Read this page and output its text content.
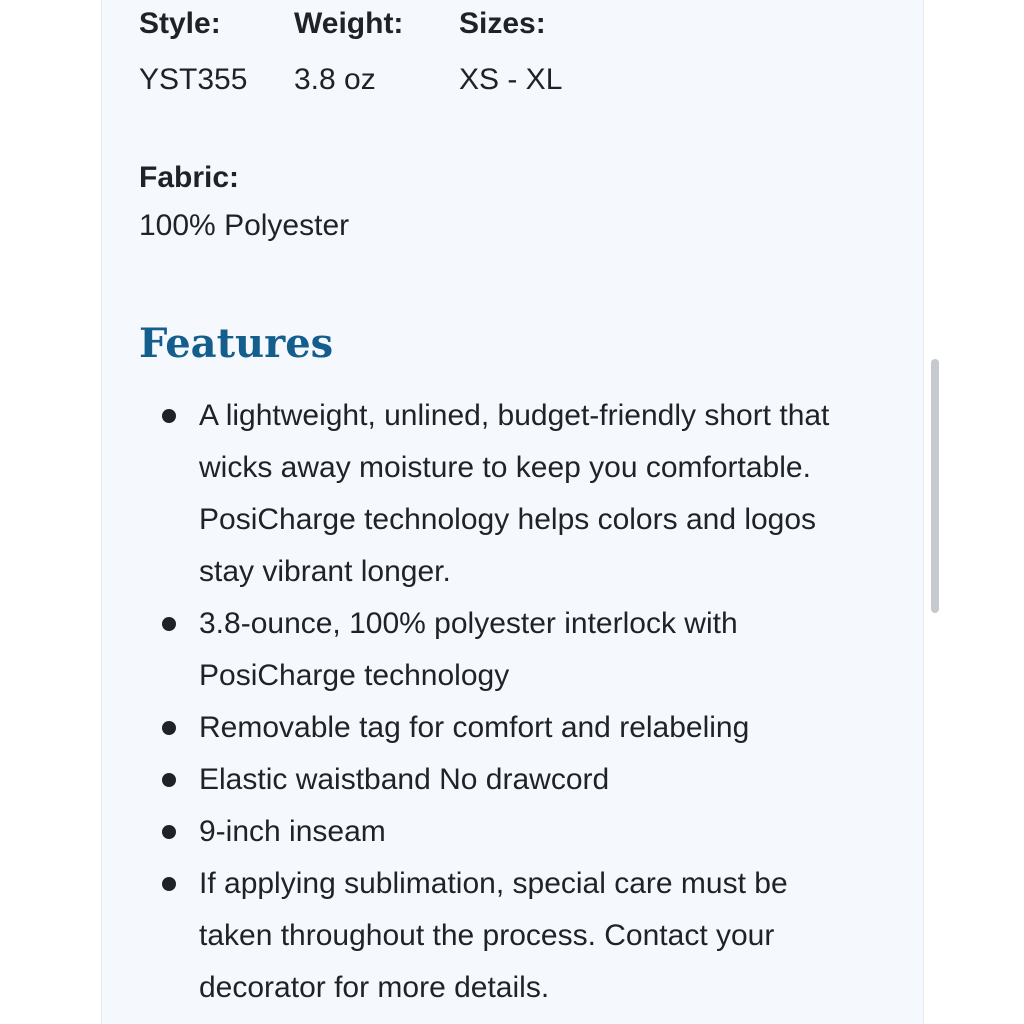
Style:
YST355
Weight:
3.8 oz
Sizes:
XS - XL
Fabric:
100% Polyester
Features
A lightweight, unlined, budget-friendly short that wicks away moisture to keep you comfortable. PosiCharge technology helps colors and logos stay vibrant longer.
3.8-ounce, 100% polyester interlock with PosiCharge technology
Removable tag for comfort and relabeling
Elastic waistband No drawcord
9-inch inseam
If applying sublimation, special care must be taken throughout the process. Contact your decorator for more details.
